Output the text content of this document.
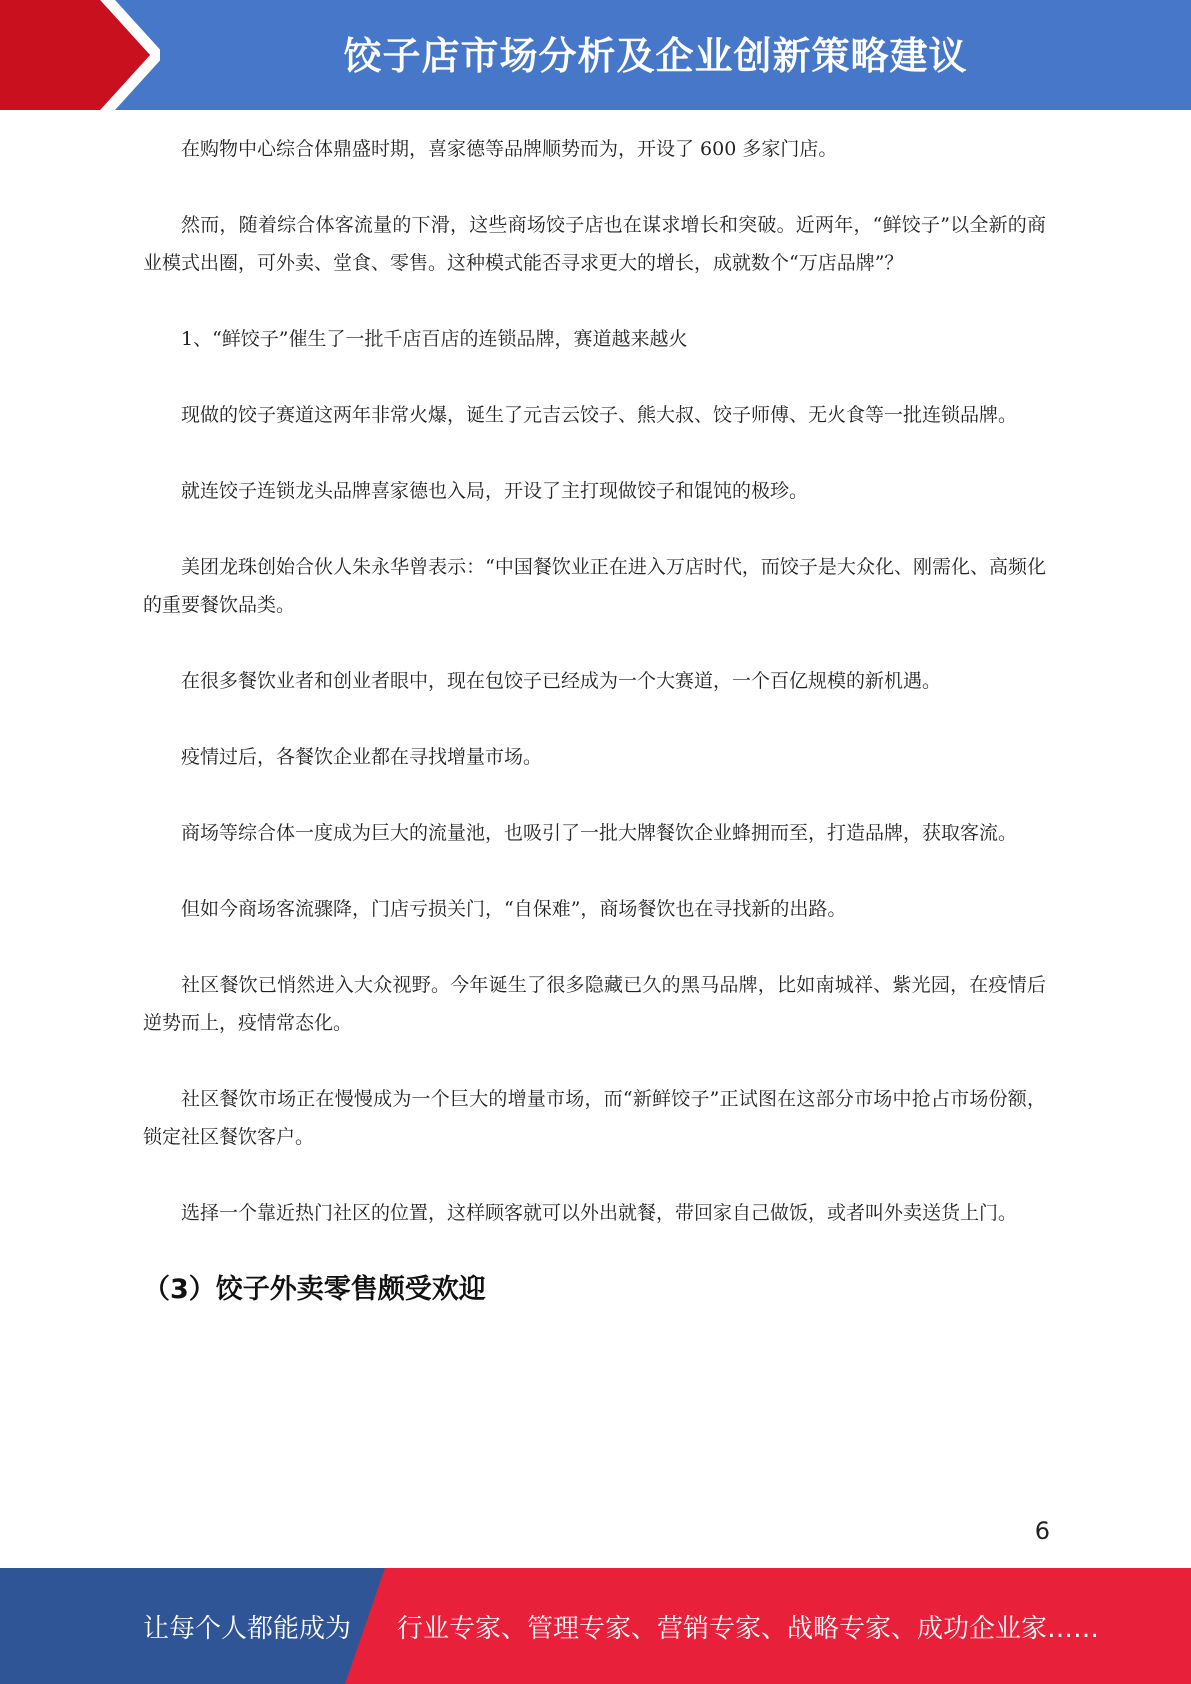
饺子店市场分析及企业创新策略建议

在购物中心综合体鼎盛时期，喜家德等品牌顺势而为，开设了 600 多家门店。

然而，随着综合体客流量的下滑，这些商场饺子店也在谋求增长和突破。近两年，“鲜饺子”以全新的商业模式出圈，可外卖、堂食、零售。这种模式能否寻求更大的增长，成就数个“万店品牌”？

1、“鲜饺子”催生了一批千店百店的连锁品牌，赛道越来越火

现做的饺子赛道这两年非常火爆，诞生了元吉云饺子、熊大叔、饺子师傅、无火食等一批连锁品牌。

就连饺子连锁龙头品牌喜家德也入局，开设了主打现做饺子和馄饨的极珍。

美团龙珠创始合伙人朱永华曾表示：“中国餐饮业正在进入万店时代，而饺子是大众化、刚需化、高频化的重要餐饮品类。

在很多餐饮业者和创业者眼中，现在包饺子已经成为一个大赛道，一个百亿规模的新机遇。

疫情过后，各餐饮企业都在寻找增量市场。

商场等综合体一度成为巨大的流量池，也吸引了一批大牌餐饮企业蜂拥而至，打造品牌，获取客流。

但如今商场客流骤降，门店亏损关门，“自保难”，商场餐饮也在寻找新的出路。

社区餐饮已悄然进入大众视野。今年诞生了很多隐藏已久的黑马品牌，比如南城祥、紫光园，在疫情后逆势而上，疫情常态化。

社区餐饮市场正在慢慢成为一个巨大的增量市场，而“新鲜饺子”正试图在这部分市场中抢占市场份额，锁定社区餐饮客户。

选择一个靠近热门社区的位置，这样顾客就可以外出就餐，带回家自己做饭，或者叫外卖送货上门。

（3）饺子外卖零售颇受欢迎
6
让每个人都能成为 行业专家、管理专家、营销专家、战略专家、成功企业家……
